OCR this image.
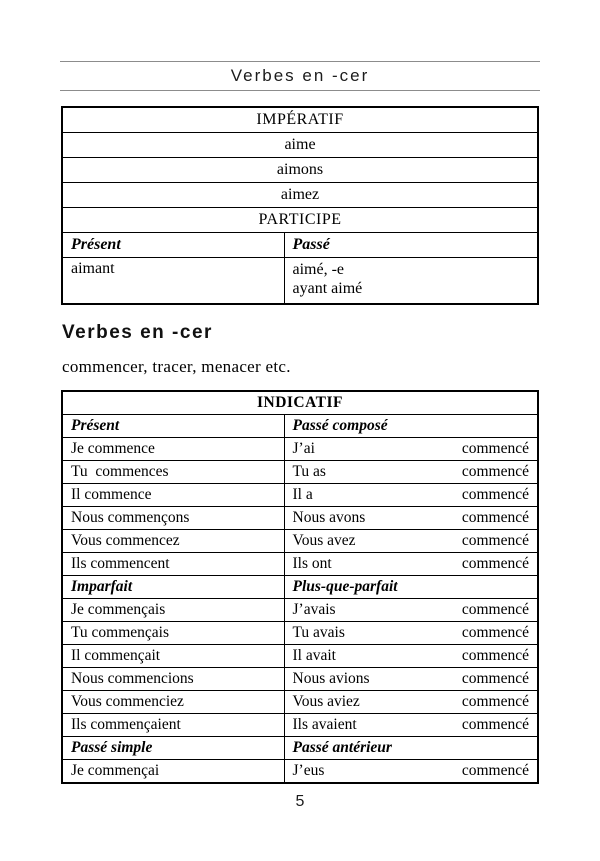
Verbes en -cer
IMPÉRATIF	
aime	
aimons	
aimez	
PARTICIPE	
Présent	Passé
aimant	aimé, -e
ayant aimé
Verbes en -cer
commencer, tracer, menacer etc.
INDICATIF	
Présent	Passé composé
Je commence	J’ai commencé

Tu  commences	Tu as commencé

Il commence	Il a commencé

Nous commençons	Nous avons commencé

Vous commencez	Vous avez commencé

Ils commencent	Ils ont commencé

Imparfait	Plus-que-parfait
Je commençais	J’avais commencé

Tu commençais	Tu avais commencé

Il commençait	Il avait commencé

Nous commencions	Nous avions commencé

Vous commenciez	Vous aviez commencé

Ils commençaient	Ils avaient commencé

Passé simple	Passé antérieur
Je commençai	J’eus commencé
5
